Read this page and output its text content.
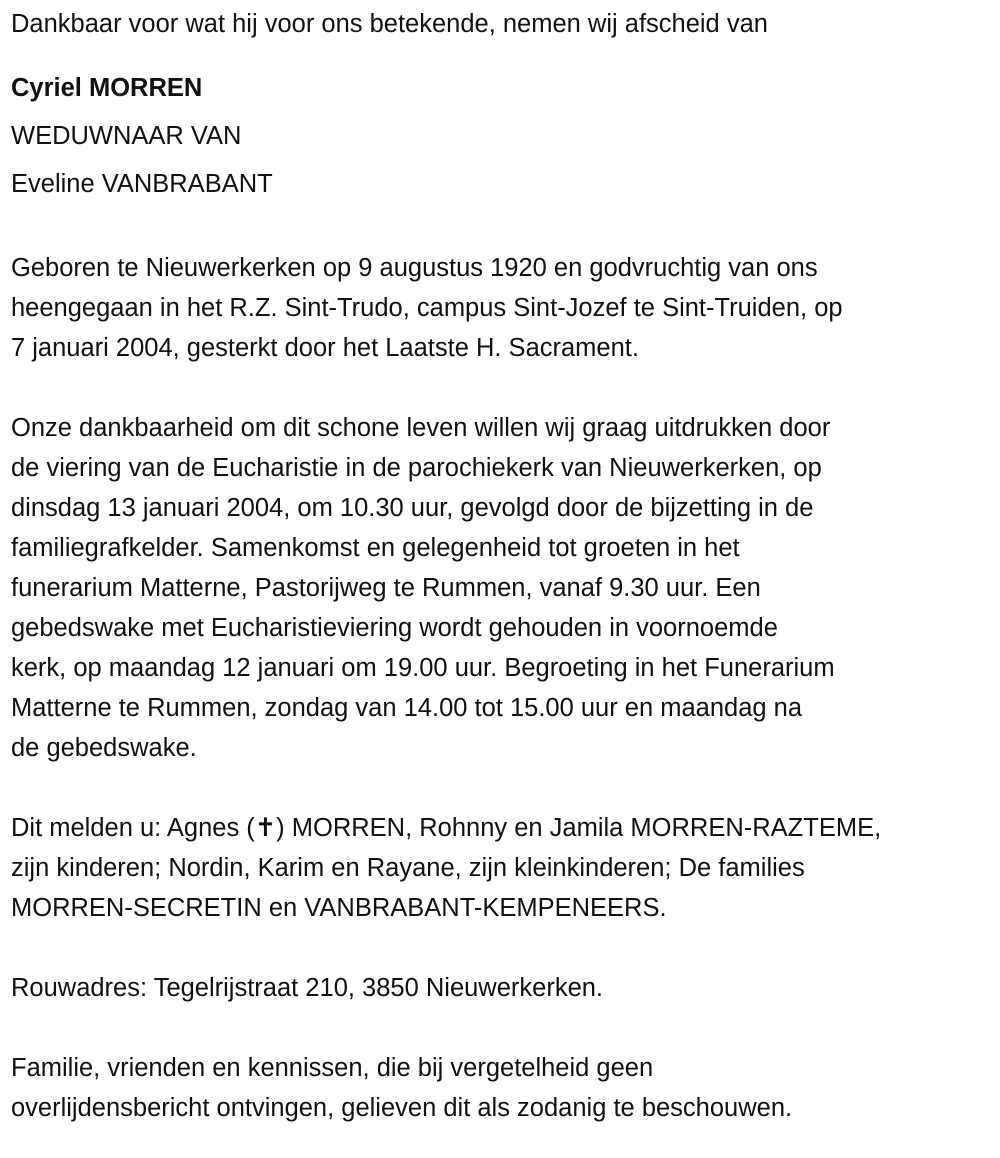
Dankbaar voor wat hij voor ons betekende, nemen wij afscheid van
Cyriel MORREN
WEDUWNAAR VAN
Eveline VANBRABANT
Geboren te Nieuwerkerken op 9 augustus 1920 en godvruchtig van ons
heengegaan in het R.Z. Sint-Trudo, campus Sint-Jozef te Sint-Truiden, op
7 januari 2004, gesterkt door het Laatste H. Sacrament.
Onze dankbaarheid om dit schone leven willen wij graag uitdrukken door
de viering van de Eucharistie in de parochiekerk van Nieuwerkerken, op
dinsdag 13 januari 2004, om 10.30 uur, gevolgd door de bijzetting in de
familiegrafkelder. Samenkomst en gelegenheid tot groeten in het
funerarium Matterne, Pastorijweg te Rummen, vanaf 9.30 uur. Een
gebedswake met Eucharistieviering wordt gehouden in voornoemde
kerk, op maandag 12 januari om 19.00 uur. Begroeting in het Funerarium
Matterne te Rummen, zondag van 14.00 tot 15.00 uur en maandag na
de gebedswake.
Dit melden u: Agnes (✝) MORREN, Rohnny en Jamila MORREN-RAZTEME,
zijn kinderen; Nordin, Karim en Rayane, zijn kleinkinderen; De families
MORREN-SECRETIN en VANBRABANT-KEMPENEERS.
Rouwadres: Tegelrijstraat 210, 3850 Nieuwerkerken.
Familie, vrienden en kennissen, die bij vergetelheid geen
overlijdensbericht ontvingen, gelieven dit als zodanig te beschouwen.
